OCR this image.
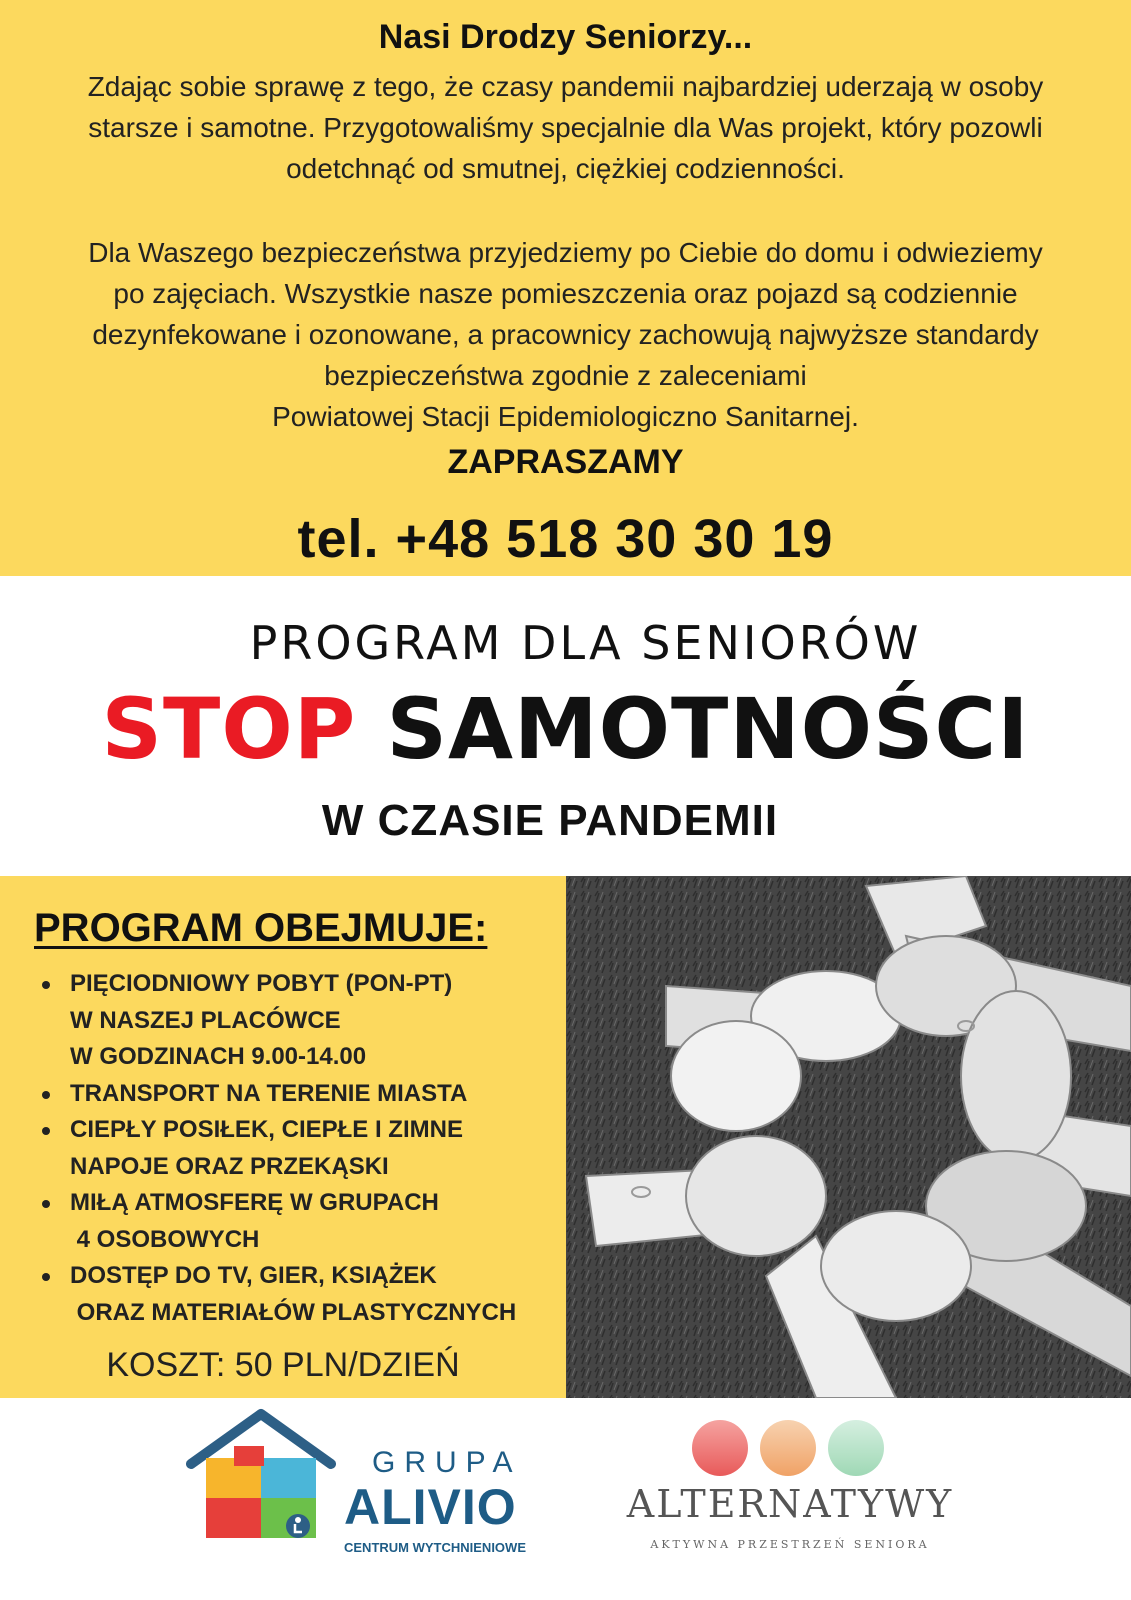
Nasi Drodzy Seniorzy...
Zdając sobie sprawę z tego, że czasy pandemii najbardziej uderzają w osoby
starsze i samotne. Przygotowaliśmy specjalnie dla Was projekt, który pozowli
odetchnąć od smutnej, ciężkiej codzienności.
Dla Waszego bezpieczeństwa przyjedziemy po Ciebie do domu i odwieziemy
po zajęciach. Wszystkie nasze pomieszczenia oraz pojazd są codziennie
dezynfekowane i ozonowane, a pracownicy zachowują najwyższe standardy
bezpieczeństwa zgodnie z zaleceniami
Powiatowej Stacji Epidemiologiczno Sanitarnej.
ZAPRASZAMY
tel. +48 518 30 30 19
PROGRAM DLA SENIORÓW
STOP SAMOTNOŚCI
W CZASIE PANDEMII
PROGRAM OBEJMUJE:
PIĘCIODNIOWY POBYT (PON-PT)
W NASZEJ PLACÓWCE
W GODZINACH 9.00-14.00
TRANSPORT NA TERENIE MIASTA
CIEPŁY POSIŁEK, CIEPŁE I ZIMNE
NAPOJE ORAZ PRZEKĄSKI
MIŁĄ ATMOSFERĘ W GRUPACH
4 OSOBOWYCH
DOSTĘP DO TV, GIER, KSIĄŻEK
ORAZ MATERIAŁÓW PLASTYCZNYCH
KOSZT: 50 PLN/DZIEŃ
GRUPA
ALIVIO
CENTRUM WYTCHNIENIOWE
ALTERNATYWY
AKTYWNA PRZESTRZEŃ SENIORA
